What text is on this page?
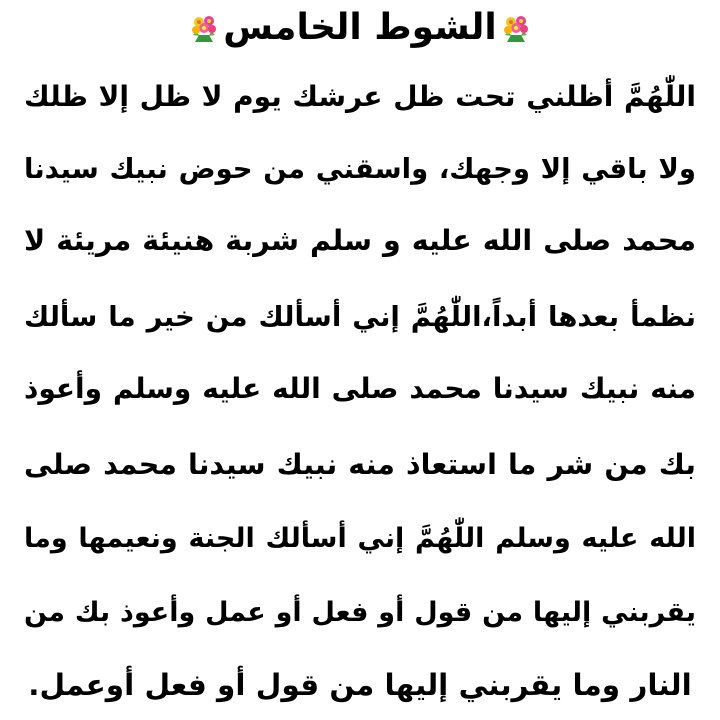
الشوط الخامس
اللّٰهُمَّ أظلني تحت ظل عرشك يوم لا ظل إلا ظلك
ولا باقي إلا وجهك، واسقني من حوض نبيك سيدنا
محمد صلى الله عليه و سلم شربة هنيئة مريئة لا
نظمأ بعدها أبداً،اللّٰهُمَّ إني أسألك من خير ما سألك
منه نبيك سيدنا محمد صلى الله عليه وسلم وأعوذ
بك من شر ما استعاذ منه نبيك سيدنا محمد صلى
الله عليه وسلم اللّٰهُمَّ إني أسألك الجنة ونعيمها وما
يقربني إليها من قول أو فعل أو عمل وأعوذ بك من
النار وما يقربني إليها من قول أو فعل أوعمل.
